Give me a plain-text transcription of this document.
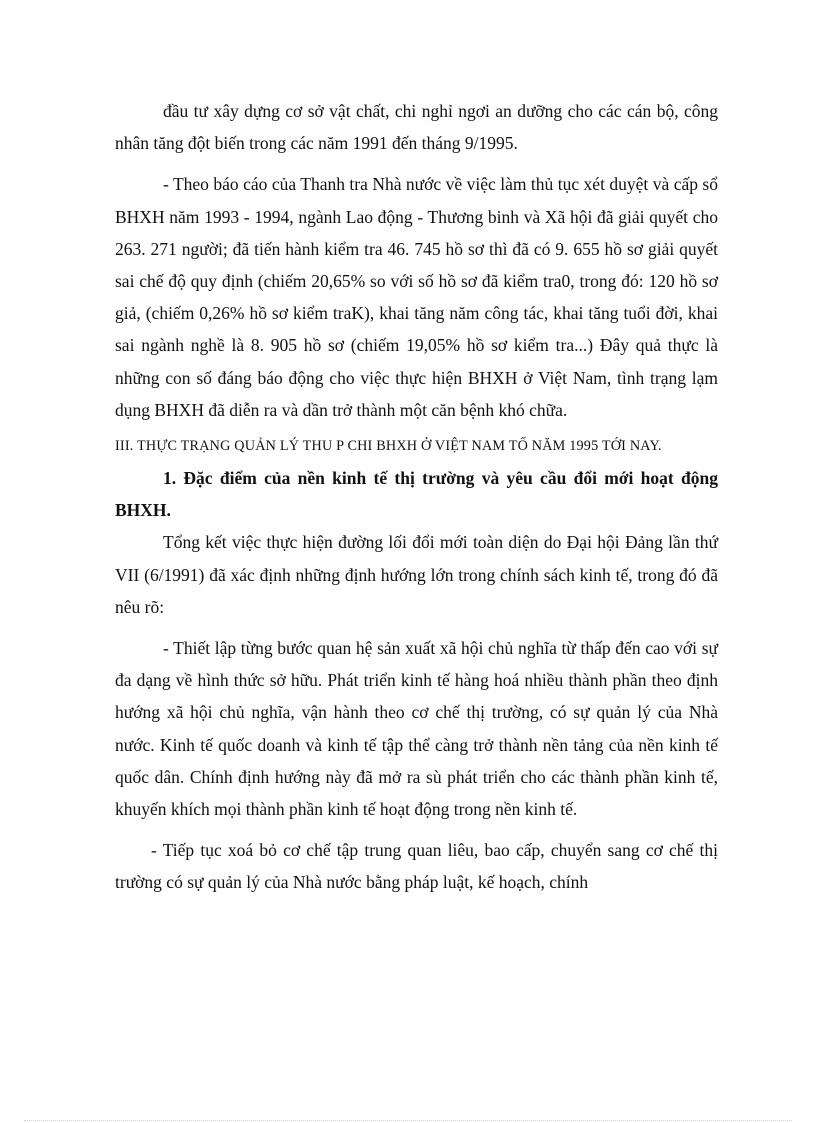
đầu tư xây dựng cơ sở vật chất, chi nghỉ ngơi an dưỡng cho các cán bộ, công nhân tăng đột biến trong các năm 1991 đến tháng 9/1995.

- Theo báo cáo của Thanh tra Nhà nước về việc làm thủ tục xét duyệt và cấp sổ BHXH năm 1993 - 1994, ngành Lao động - Thương binh và Xã hội đã giải quyết cho 263. 271 người; đã tiến hành kiểm tra 46. 745 hồ sơ thì đã có 9. 655 hồ sơ giải quyết sai chế độ quy định (chiếm 20,65% so với số hồ sơ đã kiểm tra0, trong đó: 120 hồ sơ giả, (chiếm 0,26% hồ sơ kiểm traK), khai tăng năm công tác, khai tăng tuổi đời, khai sai ngành nghề là 8. 905 hồ sơ (chiếm 19,05% hồ sơ kiểm tra...) Đây quả thực là những con số đáng báo động cho việc thực hiện BHXH ở Việt Nam, tình trạng lạm dụng BHXH đã diễn ra và dần trở thành một căn bệnh khó chữa.

III. THỰC TRẠNG QUẢN LÝ THU P CHI BHXH Ở VIỆT NAM TỐ NĂM 1995 TỚI NAY.

1. Đặc điểm của nền kinh tế thị trường và yêu cầu đổi mới hoạt động BHXH.

Tổng kết việc thực hiện đường lối đổi mới toàn diện do Đại hội Đảng lần thứ VII (6/1991) đã xác định những định hướng lớn trong chính sách kinh tế, trong đó đã nêu rõ:

- Thiết lập từng bước quan hệ sản xuất xã hội chủ nghĩa từ thấp đến cao với sự đa dạng về hình thức sở hữu. Phát triển kinh tế hàng hoá nhiều thành phần theo định hướng xã hội chủ nghĩa, vận hành theo cơ chế thị trường, có sự quản lý của Nhà nước. Kinh tế quốc doanh và kinh tế tập thể càng trở thành nền tảng của nền kinh tế quốc dân. Chính định hướng này đã mở ra sù phát triển cho các thành phần kinh tế, khuyến khích mọi thành phần kinh tế hoạt động trong nền kinh tế.

- Tiếp tục xoá bỏ cơ chế tập trung quan liêu, bao cấp, chuyển sang cơ chế thị trường có sự quản lý của Nhà nước bằng pháp luật, kế hoạch, chính
